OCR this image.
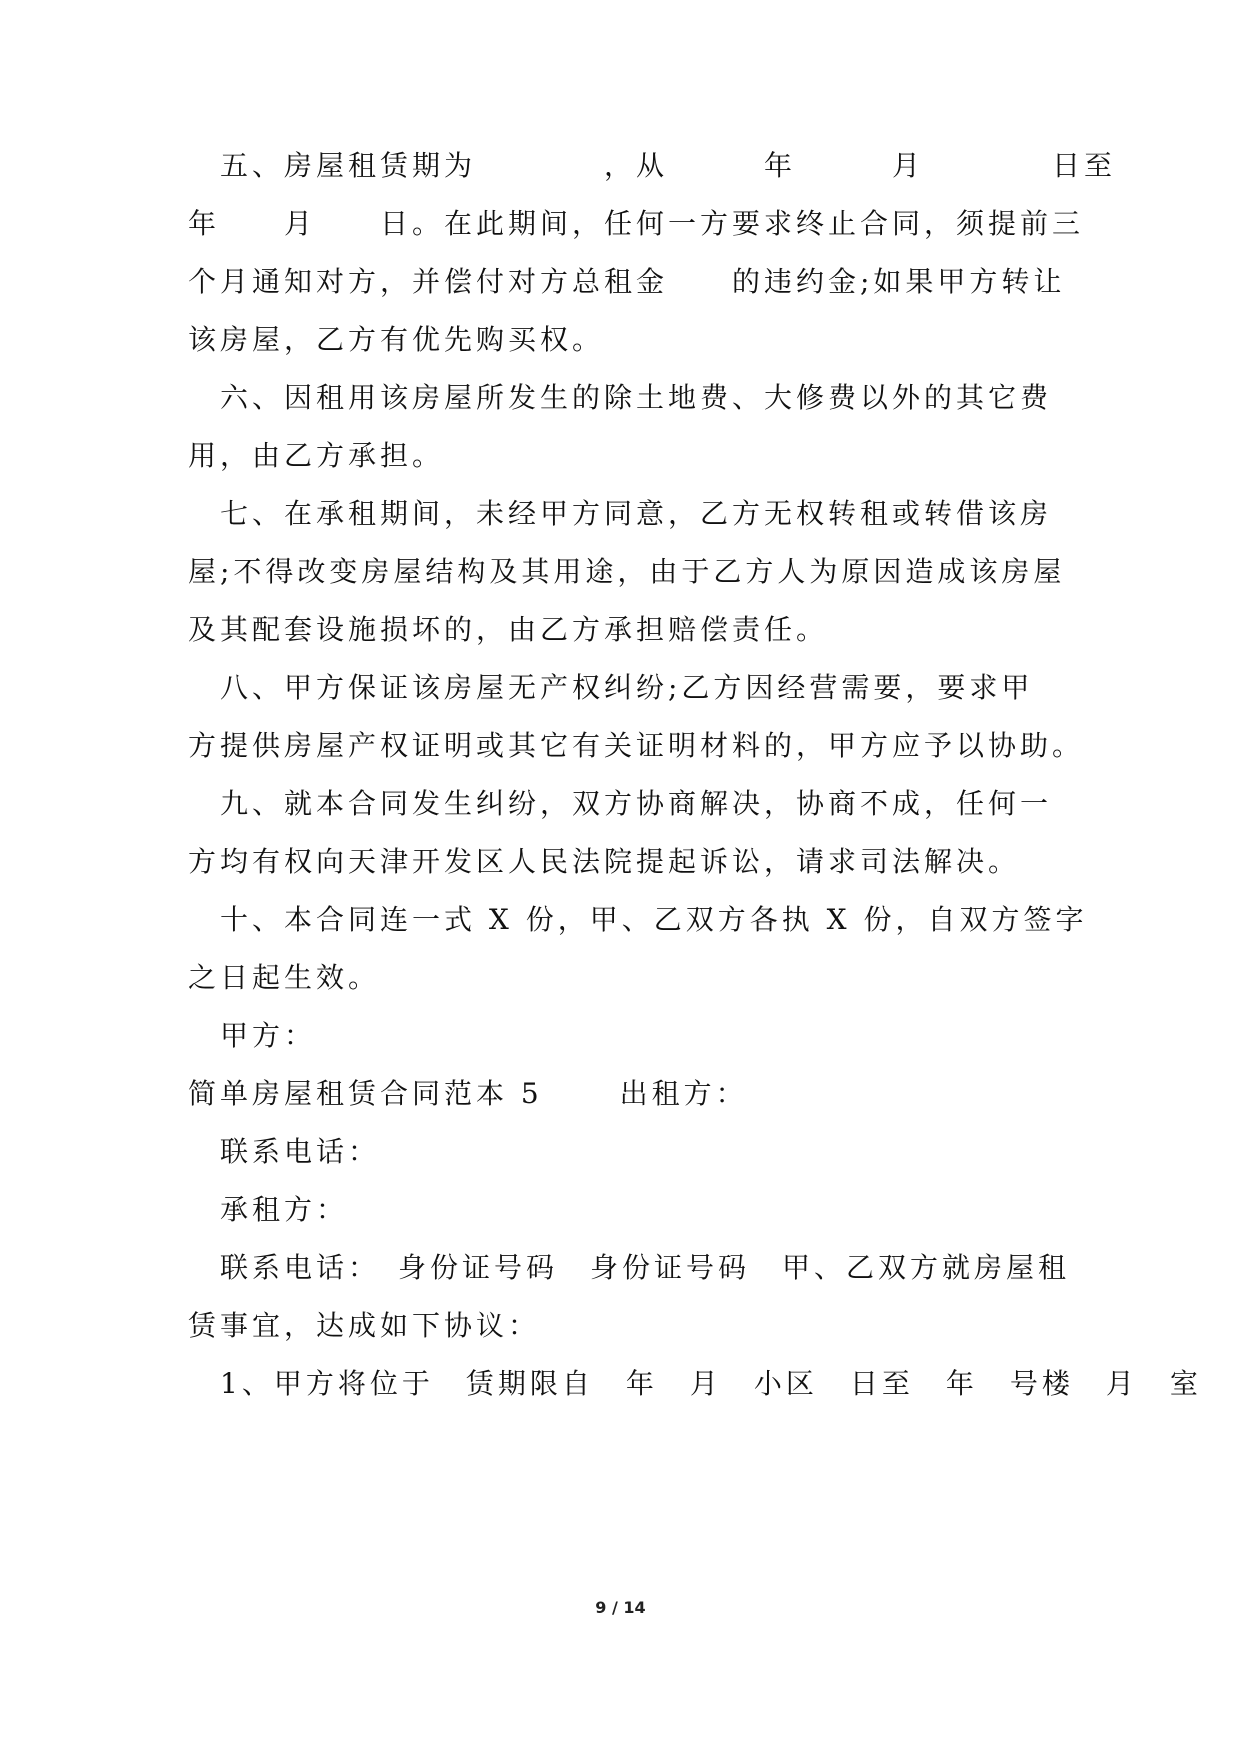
　五、房屋租赁期为　　　　，从　　　年　　　月　　　　日至
年　　月　　日。在此期间，任何一方要求终止合同，须提前三
个月通知对方，并偿付对方总租金　　的违约金;如果甲方转让
该房屋，乙方有优先购买权。
　六、因租用该房屋所发生的除土地费、大修费以外的其它费
用，由乙方承担。
　七、在承租期间，未经甲方同意，乙方无权转租或转借该房
屋;不得改变房屋结构及其用途，由于乙方人为原因造成该房屋
及其配套设施损坏的，由乙方承担赔偿责任。
　八、甲方保证该房屋无产权纠纷;乙方因经营需要，要求甲
方提供房屋产权证明或其它有关证明材料的，甲方应予以协助。
　九、就本合同发生纠纷，双方协商解决，协商不成，任何一
方均有权向天津开发区人民法院提起诉讼，请求司法解决。
　十、本合同连一式 X 份，甲、乙双方各执 X 份，自双方签字
之日起生效。
　甲方：
简单房屋租赁合同范本 5　　 出租方：
　联系电话：
　承租方：
　联系电话：　身份证号码　身份证号码　甲、乙双方就房屋租
赁事宜，达成如下协议：
　1、甲方将位于　赁期限自　年　月　小区　日至　年　号楼　月　室
9 / 14
